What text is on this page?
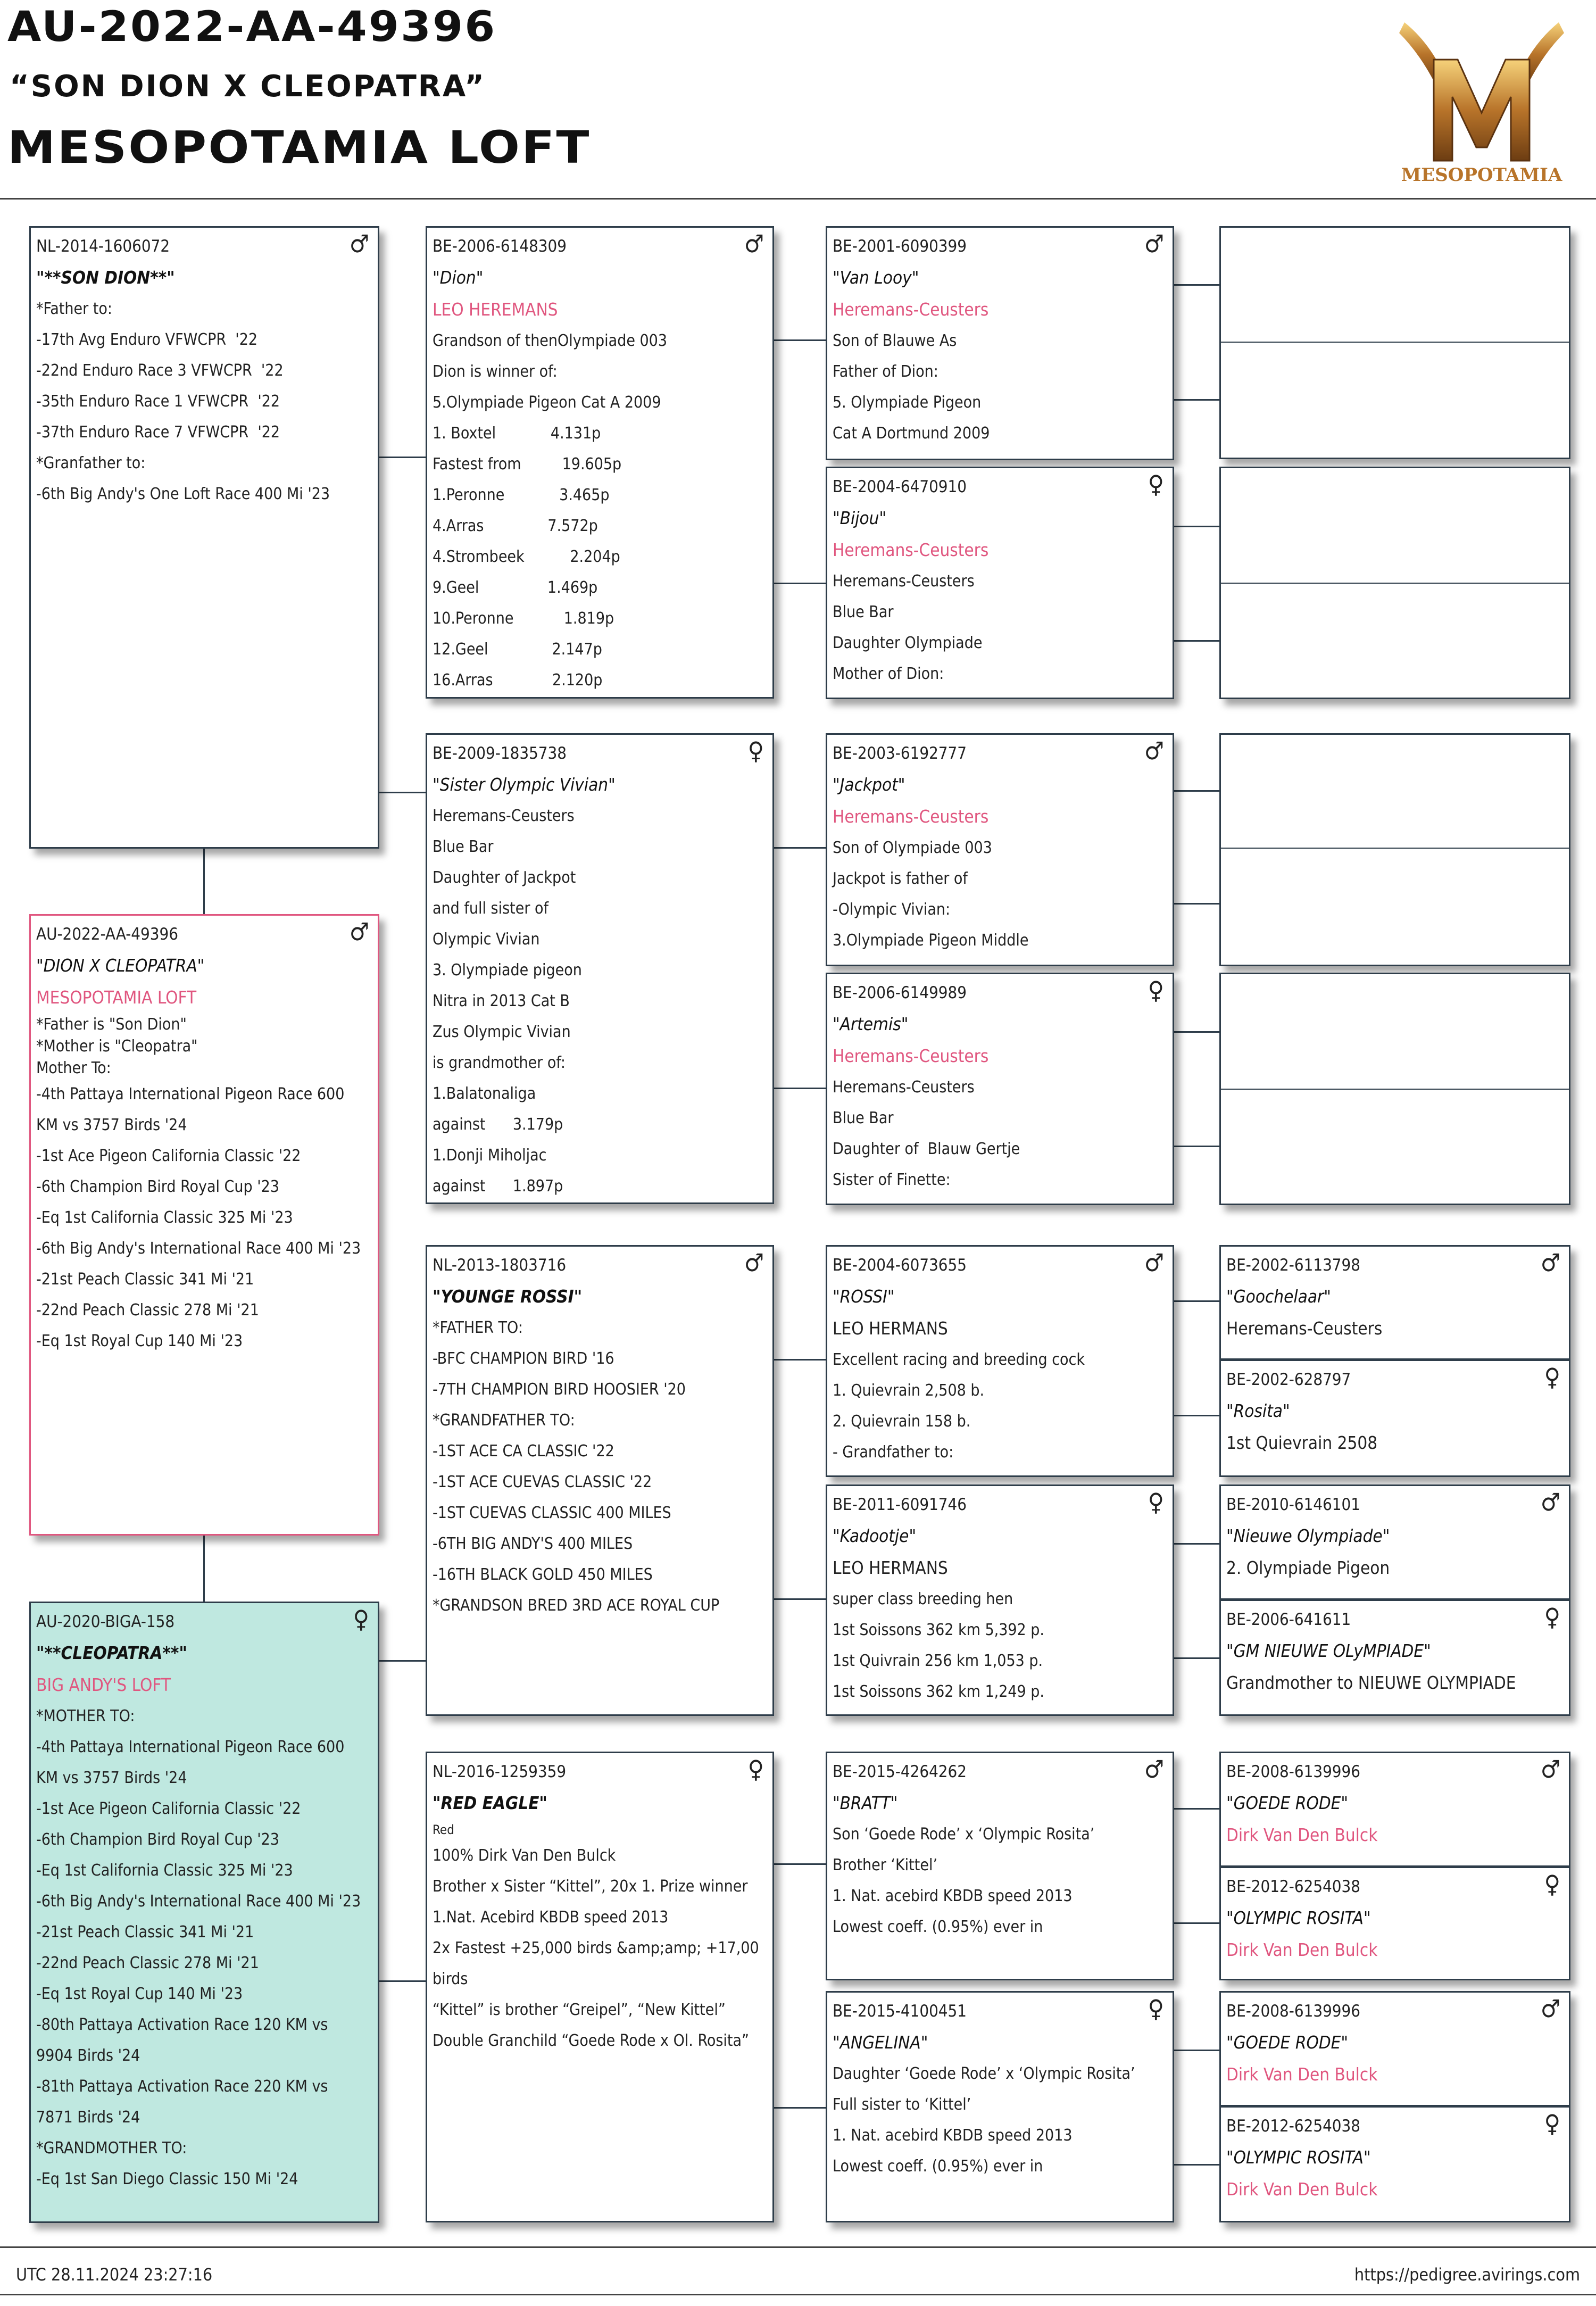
AU-2022-AA-49396
“SON DION X CLEOPATRA”
MESOPOTAMIA LOFT
MESOPOTAMIA
NL-2014-1606072	♂
"**SON DION**"
*Father to:
-17th Avg Enduro VFWCPR  '22
-22nd Enduro Race 3 VFWCPR  '22
-35th Enduro Race 1 VFWCPR  '22
-37th Enduro Race 7 VFWCPR  '22
*Granfather to:
-6th Big Andy's One Loft Race 400 Mi '23
AU-2022-AA-49396	♂
"DION X CLEOPATRA"
MESOPOTAMIA LOFT
*Father is "Son Dion"
*Mother is "Cleopatra"
Mother To:
-4th Pattaya International Pigeon Race 600
KM vs 3757 Birds '24
-1st Ace Pigeon California Classic '22
-6th Champion Bird Royal Cup '23
-Eq 1st California Classic 325 Mi '23
-6th Big Andy's International Race 400 Mi '23
-21st Peach Classic 341 Mi '21
-22nd Peach Classic 278 Mi '21
-Eq 1st Royal Cup 140 Mi '23
AU-2020-BIGA-158	♀
"**CLEOPATRA**"
BIG ANDY'S LOFT
*MOTHER TO:
-4th Pattaya International Pigeon Race 600
KM vs 3757 Birds '24
-1st Ace Pigeon California Classic '22
-6th Champion Bird Royal Cup '23
-Eq 1st California Classic 325 Mi '23
-6th Big Andy's International Race 400 Mi '23
-21st Peach Classic 341 Mi '21
-22nd Peach Classic 278 Mi '21
-Eq 1st Royal Cup 140 Mi '23
-80th Pattaya Activation Race 120 KM vs
9904 Birds '24
-81th Pattaya Activation Race 220 KM vs
7871 Birds '24
*GRANDMOTHER TO:
-Eq 1st San Diego Classic 150 Mi '24
BE-2006-6148309	♂
"Dion"
LEO HEREMANS
Grandson of thenOlympiade 003
Dion is winner of:
5.Olympiade Pigeon Cat A 2009
1. Boxtel            4.131p
Fastest from         19.605p
1.Peronne            3.465p
4.Arras              7.572p
4.Strombeek          2.204p
9.Geel               1.469p
10.Peronne           1.819p
12.Geel              2.147p
16.Arras             2.120p
BE-2009-1835738	♀
"Sister Olympic Vivian"
Heremans-Ceusters
Blue Bar
Daughter of Jackpot
and full sister of
Olympic Vivian
3. Olympiade pigeon
Nitra in 2013 Cat B
Zus Olympic Vivian
is grandmother of:
1.Balatonaliga
against      3.179p
1.Donji Miholjac
against      1.897p
NL-2013-1803716	♂
"YOUNGE ROSSI"
*FATHER TO:
-BFC CHAMPION BIRD '16
-7TH CHAMPION BIRD HOOSIER '20
*GRANDFATHER TO:
-1ST ACE CA CLASSIC '22
-1ST ACE CUEVAS CLASSIC '22
-1ST CUEVAS CLASSIC 400 MILES
-6TH BIG ANDY'S 400 MILES
-16TH BLACK GOLD 450 MILES
*GRANDSON BRED 3RD ACE ROYAL CUP
NL-2016-1259359	♀
"RED EAGLE"
Red
100% Dirk Van Den Bulck
Brother x Sister “Kittel”, 20x 1. Prize winner
1.Nat. Acebird KBDB speed 2013
2x Fastest +25,000 birds &amp;amp; +17,00
birds
“Kittel” is brother “Greipel”, “New Kittel”
Double Granchild “Goede Rode x Ol. Rosita”
BE-2001-6090399	♂
"Van Looy"
Heremans-Ceusters
Son of Blauwe As
Father of Dion:
5. Olympiade Pigeon
Cat A Dortmund 2009
BE-2004-6470910	♀
"Bijou"
Heremans-Ceusters
Heremans-Ceusters
Blue Bar
Daughter Olympiade
Mother of Dion:
BE-2003-6192777	♂
"Jackpot"
Heremans-Ceusters
Son of Olympiade 003
Jackpot is father of
-Olympic Vivian:
3.Olympiade Pigeon Middle
BE-2006-6149989	♀
"Artemis"
Heremans-Ceusters
Heremans-Ceusters
Blue Bar
Daughter of  Blauw Gertje
Sister of Finette:
BE-2004-6073655	♂
"ROSSI"
LEO HERMANS
Excellent racing and breeding cock
1. Quievrain 2,508 b.
2. Quievrain 158 b.
- Grandfather to:
BE-2011-6091746	♀
"Kadootje"
LEO HERMANS
super class breeding hen
1st Soissons 362 km 5,392 p.
1st Quivrain 256 km 1,053 p.
1st Soissons 362 km 1,249 p.
BE-2015-4264262	♂
"BRATT"
Son ‘Goede Rode’ x ‘Olympic Rosita’
Brother ‘Kittel’
1. Nat. acebird KBDB speed 2013
Lowest coeff. (0.95%) ever in
BE-2015-4100451	♀
"ANGELINA"
Daughter ‘Goede Rode’ x ‘Olympic Rosita’
Full sister to ‘Kittel’
1. Nat. acebird KBDB speed 2013
Lowest coeff. (0.95%) ever in
BE-2002-6113798	♂
"Goochelaar"
Heremans-Ceusters
BE-2002-628797	♀
"Rosita"
1st Quievrain 2508
BE-2010-6146101	♂
"Nieuwe Olympiade"
2. Olympiade Pigeon
BE-2006-641611	♀
"GM NIEUWE OLyMPIADE"
Grandmother to NIEUWE OLYMPIADE
BE-2008-6139996	♂
"GOEDE RODE"
Dirk Van Den Bulck
BE-2012-6254038	♀
"OLYMPIC ROSITA"
Dirk Van Den Bulck
BE-2008-6139996	♂
"GOEDE RODE"
Dirk Van Den Bulck
BE-2012-6254038	♀
"OLYMPIC ROSITA"
Dirk Van Den Bulck
UTC 28.11.2024 23:27:16	https://pedigree.avirings.com
